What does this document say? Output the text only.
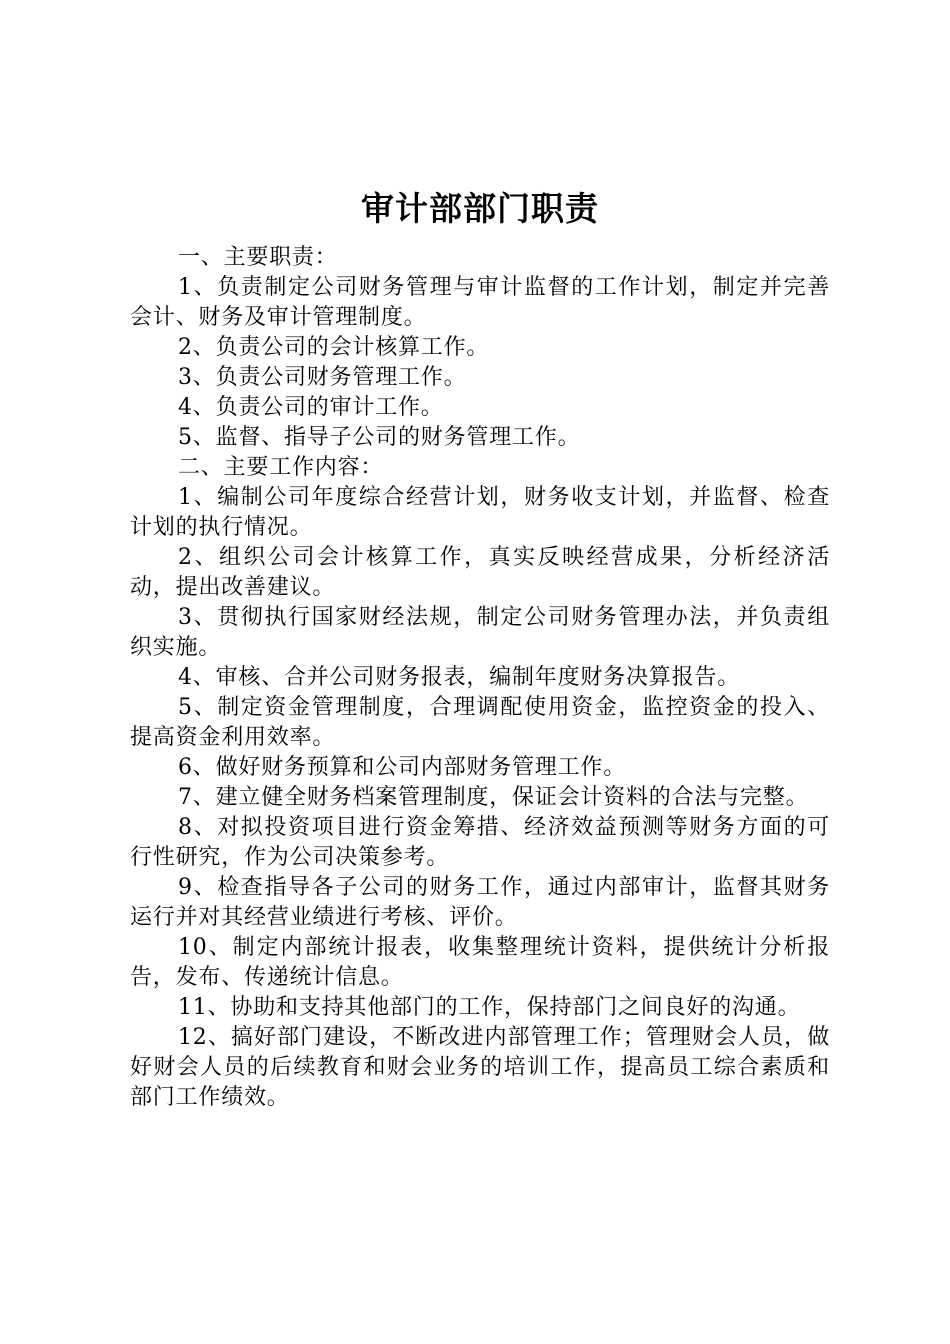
审计部部门职责

一、主要职责：

1、负责制定公司财务管理与审计监督的工作计划，制定并完善会计、财务及审计管理制度。

2、负责公司的会计核算工作。

3、负责公司财务管理工作。

4、负责公司的审计工作。

5、监督、指导子公司的财务管理工作。

二、主要工作内容：

1、编制公司年度综合经营计划，财务收支计划，并监督、检查计划的执行情况。

2、组织公司会计核算工作，真实反映经营成果，分析经济活动，提出改善建议。

3、贯彻执行国家财经法规，制定公司财务管理办法，并负责组织实施。

4、审核、合并公司财务报表，编制年度财务决算报告。

5、制定资金管理制度，合理调配使用资金，监控资金的投入、提高资金利用效率。

6、做好财务预算和公司内部财务管理工作。

7、建立健全财务档案管理制度，保证会计资料的合法与完整。

8、对拟投资项目进行资金筹措、经济效益预测等财务方面的可行性研究，作为公司决策参考。

9、检查指导各子公司的财务工作，通过内部审计，监督其财务运行并对其经营业绩进行考核、评价。

10、制定内部统计报表，收集整理统计资料，提供统计分析报告，发布、传递统计信息。

11、协助和支持其他部门的工作，保持部门之间良好的沟通。

12、搞好部门建设，不断改进内部管理工作；管理财会人员，做好财会人员的后续教育和财会业务的培训工作，提高员工综合素质和部门工作绩效。
